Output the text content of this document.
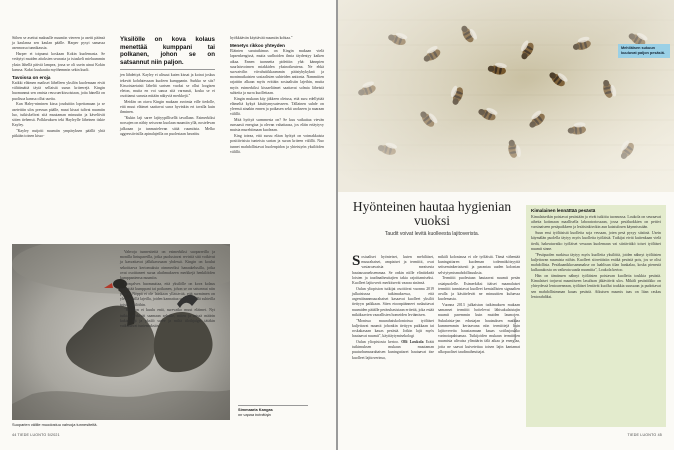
Siihen se asettui makuulle nuumiin viereen ja asetti päänsä ja kaulansa sen kaulan päälle. Harper pysyi samassa asennossa tunnikausia.

Harper ei toipunut koskaan Kokin kuolemasta. Se vetäytyi muiden aitoksien seurasta ja istuskeli mieluummin yksin lähellä päiviä lampea, jossa se oli usein uinut Kokin kanssa. Kaksi kuukautta myöhemmin sekin kuoli.

Tavoissa on eroja

Kaikki eläimen maiksei lähelleen yksilön kuolemaan eivät välttämättä täytä sellaisiä surun kriteerejä. Kingin huomannut sen omista reuscuerkissoistaan, joita hänellä on puolisoa kanssa ollut useita.

Kun Haley-niminen kissa jouduttiin lopettamaan ja se asetettiin ulos pressun päälle, muut kissat tulivat nuumiin luo, tutkiskelivat sitä muutaman minuutin ja käveliivät sitten tiehensä. Polkkeuksen teki Hayleylle läheinen tiskie Kayley.

"Kayley nutjotti nuumiin ympäryksen päällä yhtä pitkään toinen kisso-

Suoparien välille muodostuu vahvoja tunnesiteitä.
Yksilölle on kova kolaus menettää kumppani tai polkanen, johon se on satsannut niin paljon.

jen lähdettyä. Kayley ei ulisuut kuten kissat ja koirat joskus tekevät kohdatessaan kuoleen kumppanin. Surkko se siis? Kissoistaetaisit läheltä surtsen vuoksi se ollut loogisen eleton, mutta en voi sanoa sitä varmasti, koska se ei osoittanut surusta mitään näkyviä merkkejä."

Meidän on otava Kingin mukaan avoimia eille tiedolle, että muut eläimet saattavat surra hyvinkin eri tavalla kuin ihminen.

"Kukin laji saree lajityypillisellä tavallaan. Esimerkiksi norsujen on nähty seisovan kuolaan nuumiin yllä, nostelevan jalkoaan ja tunnustelevan sitää ruumiista. Melko aggressiivisilla apinalajeilla on puolestaan havaittu

Vahvoja tunnesiteitä on esimerkiksi suoparreilla ja monilla lintupareilla, jotka puolustavat revirtiä sitä voikivut ja kasvattavat jälkikasvuaan yhdessä. Kingin on koulut sekoittarva kertomuksia oimmeriksi hanaakelusilla, jotka ovat osoittaneet surua aluthmukseen merkkejä henkilöiden kumppaniensa nuumiin.

Gonçalves huomauttaa, että yksilölle on kova kolaus menettää kumppani tai poikanen, johon se on satsannut niin paljon. Nöppä ei ole lainkaan yllättävää, että surmimen on yleistä niillä lajeilla, joiden kannattaa selviä tiiviillä suhteilla toiste yksilöihin.

"Ryyoton ei kuulu eniä, surevatko muut eläimet. Nyt tutkiat pyrkivät saamaan selville, miten ja missä määrin kukin laji ja yksilö suree ja miltä tiloihjalget tätäkin vaikuttavat tuntemuksiin.

Simmaaria Kangas
on vapaa toimittaja

hyökkäävän käyttävää nuumiin kohtaa."

Menetys rikkoo yhteyden

Eläinten surututkimus on Kingin mukaan vielä lapsenkengissä, mutta surlhoiden ilmia täydentyy kaiken aikaa. Ennen tuonnetta pidettiin yhä: kännpien suurlaisvoimen miakkiden yksinoikeutena. Ne ehkä suovatvilin viivahstiikkaammin päästybykyknä ja monimutkaisten sosiaalisten suhteiden antionta. Nammiiten rajatttin alkaan myös erittäin sosiaalisiin lajeihin, mutta myös esimerkiksi kissaeläimet saattavat solmia läheisiä suhteita ja surra kuollettaan.

Kingin mukaan käy jäkkeen oletusa, että suru edellyttää elämeltä kykyä käsittymysutesseen. Tällainen suhde on yleensä ainakin ennen ja poikasen sekä urokseen ja naaraan välillä.

Mitä hyötyä surmmesta on? Se kuu vaikuttaa vievän runsaasti energiaa ja olevan vahattaasa, jos eläin ertäytyvy muista murehtimaan kuoleaan.

King toteaa, että suruu eläan hyötyä on voimakkaista positiivisista tunteista surtan ja surun kriteen välillä. Nuo tunnet mahdollistavat huolenpidon ja yhteistyön yksilöiden välillä.

44 TIEDE LUONTO 5/2021
Mehiläisen sukuun kuuluvat paljon pesäsiä.
Hyönteinen hautaa hygienian vuoksi
Taudit voivat levitä kuolleesta lajitoverista.

Sosiaaliset hyönteiset, kuten mehiläiset, muurahaiset, ampiaiset ja termiitit, ovat vastaroavaisia meaisesta hautausaraeksemmaa. Se onkin niille elintärkeää loisten ja taudinaiheuttajien takia rajoittamiseksi. Kuolleet lajitoverit merkitsevät vaaraa sinänsä.

Oulun yliopiston tutkijat osoittivat vuonna 2019 julkaistussa tutkimuksessa, että argentiinanmuurahaiset kasaavat kuolleet yksilöt tiettyyn paikkaan. Siten etoonpäänneet ruskuttavat nuamiden pääälle peräruhasistaan eritettä, joka estää mikäksavien vaarallisten homeiden leviämisen.

"Monissa muurahaiskolonioissa työläiset kuljettavat nuumit johonkin tiettyyn paikkaan tai roskakasaan kauas pesästä. Jotkin lajit myös hautaavat nuumit", käyttäytymisekologi

Oulun yliopistosta kertoo. Olli Loukola Eräät tutkimuksen mukaan muutaman puutarhamuurahaisen kuningattaret hautaavat itse kuolleet lajitoverinsa,

Kuva: Getty Images

mikäli koloniassa ei ole työläisiä. Tämä vähentää kuningattaren kuoleman todennäköisyyttä seitseminkertaisesti ja parantaa uuden kolonian selviytymismahdollisuuksia.

Termiitit puolestaan hautaavat nuumit pesän osiaipuolelle. Esimerkiksi itäiset maanalaiset termiitit tunnistavat kuolleet kemiallisten signaalien avulla ja käsittelevät ne minuuttien kuluessa kuolemasta.

Vuonna 2013 julkaistun tutkimuksen mukaan samanset termiitit hoitelevat lähisukulaistajin nuumit paremmin kuin muiden laumojen. Sukulaisia-jan edustajan hautauksen matkiaa kummemmin kertaavana niin termiittejä kuin lajitovereita haustaamaan kauas sotilasjoukko varinoiapahtumaa. Tutkijoiden mukaan termiittien nuumista ulivaisa ylimäärin tälä aikaa ja energiaa, jotta ne saavat kuivetettua toisen lajin kantamat ulkopuoliset taudinaiheuttajat.

Kimalainen lennättää pesästä

Kimalaisetkin poistavat pesästään ja eivät tutkittu tuonnossa. Loukola on seuraavat aiheita kotimaan maallisella laboratoriossaan, jossa pesäluokkien on pettivi varsinaiseen pesäpaikkeen ja lesäisinkivokin aun katatulosen käynnisssään.

Suun ensi työläisistä kuolleita soja vessaan, joten pesä pysyy siistinä. Usein käymälän puolella täytyy myös kuolleita työläisiä. Tutkijat eivät kuitenkaan vielä tiedä, hakeutuvatko työläiset vessaan kuolemaan vai siirtävätkö toiset työläiset nuumit sinne.

"Pesäpuolen nurkissa täytyy myös kuolleita yksilöitä, joiden nähnyt työläisten kuljettavan nuumista niihin. Kuolleet siirretäisiin eniikä pesästä pois, jos se olisi mahdollista. Pesäkaanikkosammakse on laahlisan tilan hankalaa, koska pienestä kulkuaukosta on vaikeata saada nuumiita", Loukola kertoo.

Hän on tämänsen nähnyt työläisten poistavan kuolleita toukkia pesästä. Kimalaiset torjuvat nuumiiseen lasulisan jäkäväivät ulos. Mikäli pesästiikko on yhteydessä lentoareneaan, työläiset lentävät kuollut toukkia suussaan ja pudottavat sen mahdollisimman kauas pesästä. Aikuisen nuumis taas on liian raskas lentorahdiksi.

TIEDE LUONTO 45
